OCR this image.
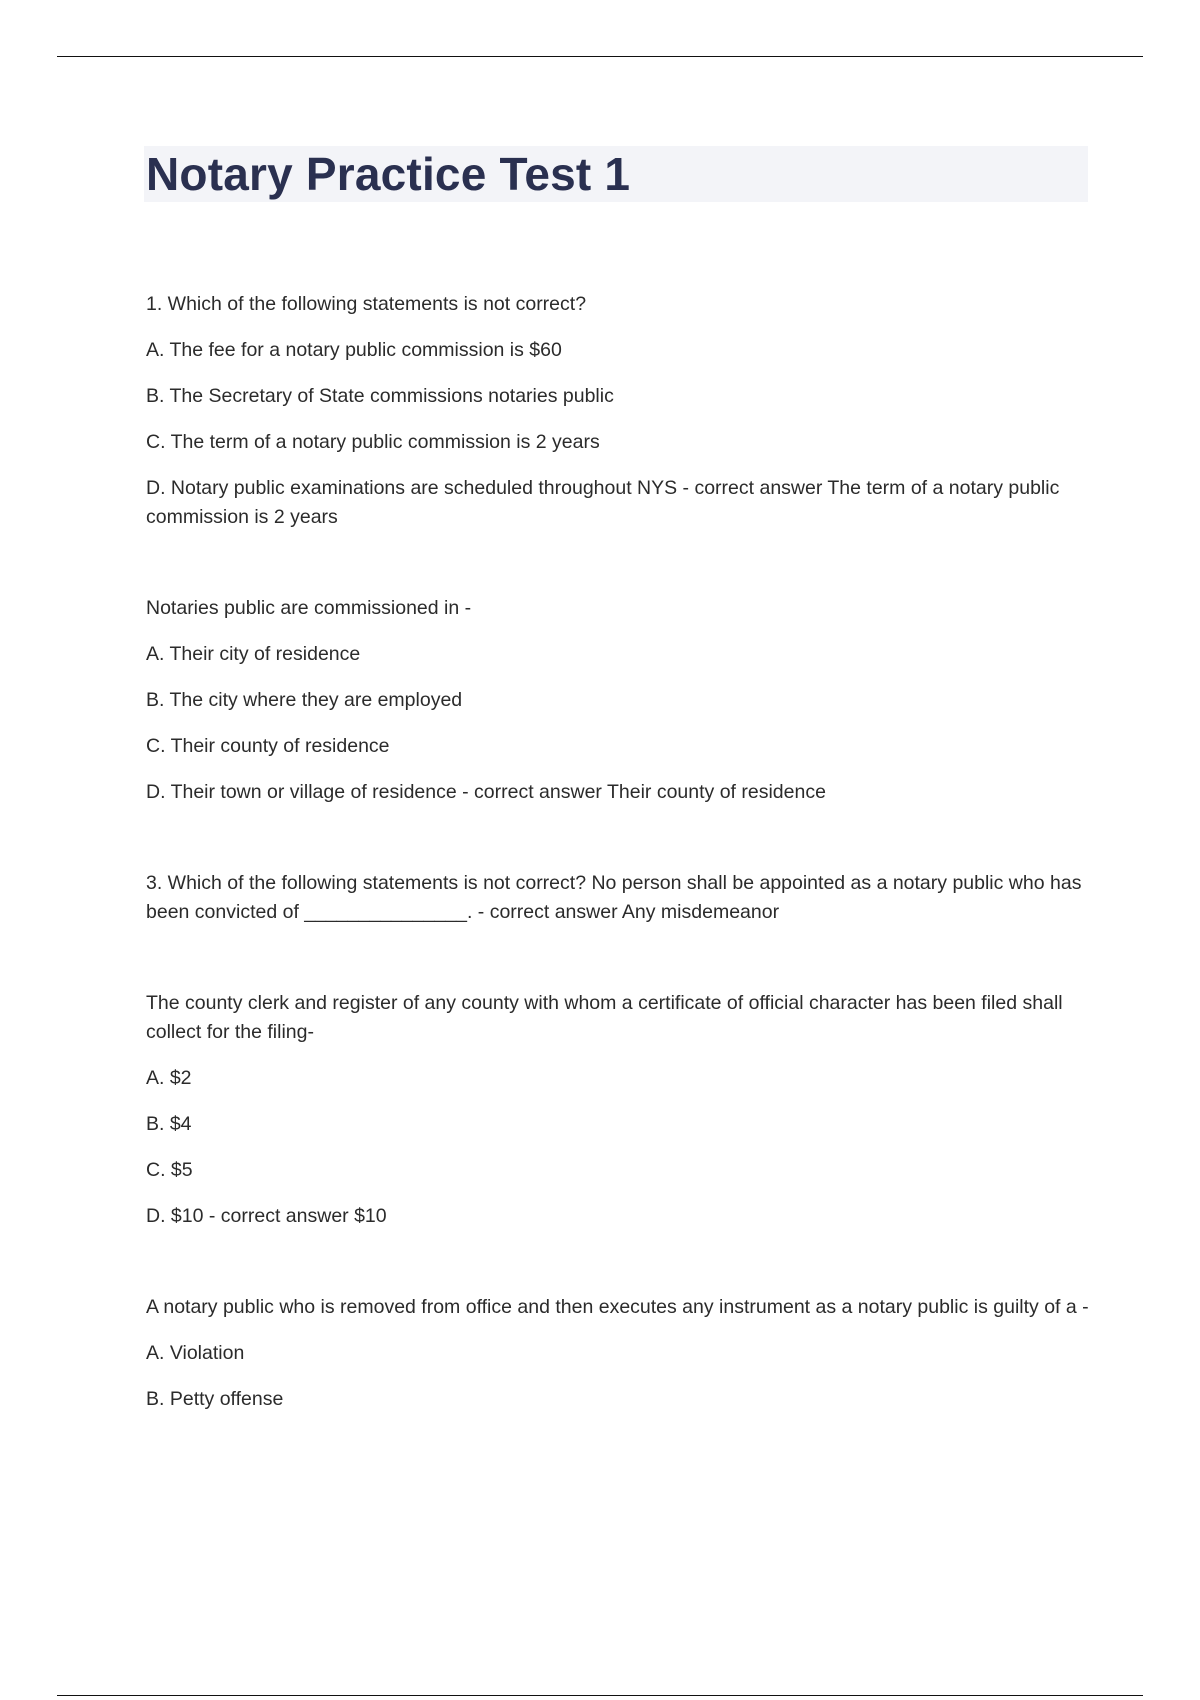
Notary Practice Test 1

1. Which of the following statements is not correct?

A. The fee for a notary public commission is $60

B. The Secretary of State commissions notaries public

C. The term of a notary public commission is 2 years

D. Notary public examinations are scheduled throughout NYS - correct answer The term of a notary public commission is 2 years

Notaries public are commissioned in -

A. Their city of residence

B. The city where they are employed

C. Their county of residence

D. Their town or village of residence - correct answer Their county of residence

3. Which of the following statements is not correct? No person shall be appointed as a notary public who has been convicted of _______________. - correct answer Any misdemeanor

The county clerk and register of any county with whom a certificate of official character has been filed shall collect for the filing-

A. $2

B. $4

C. $5

D. $10 - correct answer $10

A notary public who is removed from office and then executes any instrument as a notary public is guilty of a -

A. Violation

B. Petty offense
